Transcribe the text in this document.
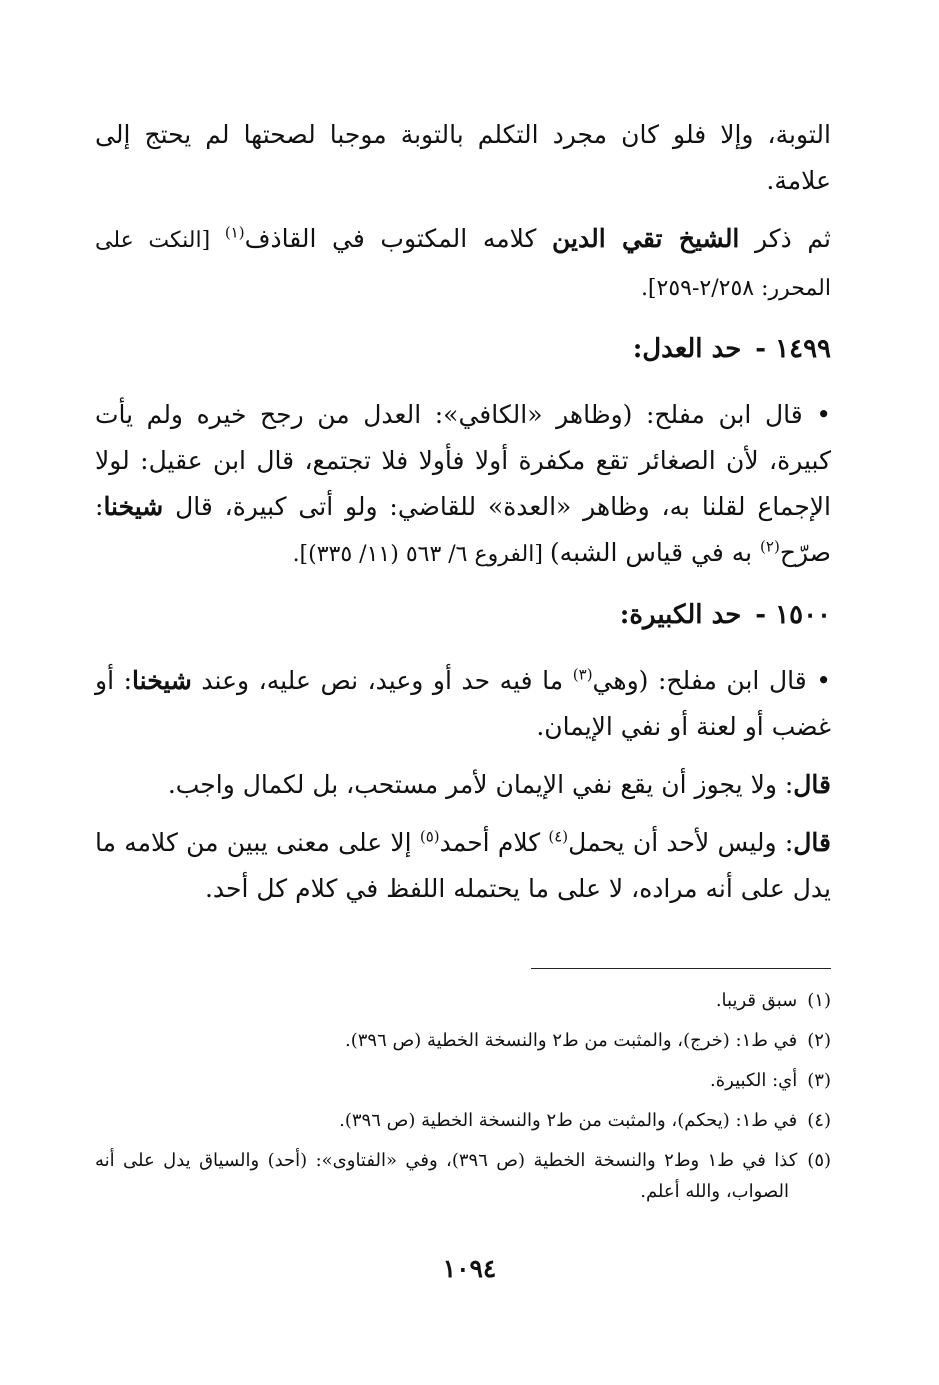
التوبة، وإلا فلو كان مجرد التكلم بالتوبة موجبا لصحتها لم يحتج إلى علامة.

ثم ذكر الشيخ تقي الدين كلامه المكتوب في القاذف$^{(١)}$ [النكت على المحرر: ٢/٢٥٨-٢٥٩].

١٤٩٩ -حد العدل:

• قال ابن مفلح: (وظاهر «الكافي»: العدل من رجح خيره ولم يأت كبيرة، لأن الصغائر تقع مكفرة أولا فأولا فلا تجتمع، قال ابن عقيل: لولا الإجماع لقلنا به، وظاهر «العدة» للقاضي: ولو أتى كبيرة، قال شيخنا: صرّح$^{(٢)}$ به في قياس الشبه) [الفروع ٦/ ٥٦٣ (١١/ ٣٣٥)].

١٥٠٠ -حد الكبيرة:

• قال ابن مفلح: (وهي$^{(٣)}$ ما فيه حد أو وعيد، نص عليه، وعند شيخنا: أو غضب أو لعنة أو نفي الإيمان.

قال: ولا يجوز أن يقع نفي الإيمان لأمر مستحب، بل لكمال واجب.

قال: وليس لأحد أن يحمل$^{(٤)}$ كلام أحمد$^{(٥)}$ إلا على معنى يبين من كلامه ما يدل على أنه مراده، لا على ما يحتمله اللفظ في كلام كل أحد.

(١)سبق قريبا.

(٢)في ط١: (خرج)، والمثبت من ط٢ والنسخة الخطية (ص ٣٩٦).

(٣)أي: الكبيرة.

(٤)في ط١: (يحكم)، والمثبت من ط٢ والنسخة الخطية (ص ٣٩٦).

(٥)كذا في ط١ وط٢ والنسخة الخطية (ص ٣٩٦)، وفي «الفتاوى»: (أحد) والسياق يدل على أنه الصواب، والله أعلم.

١٠٩٤
